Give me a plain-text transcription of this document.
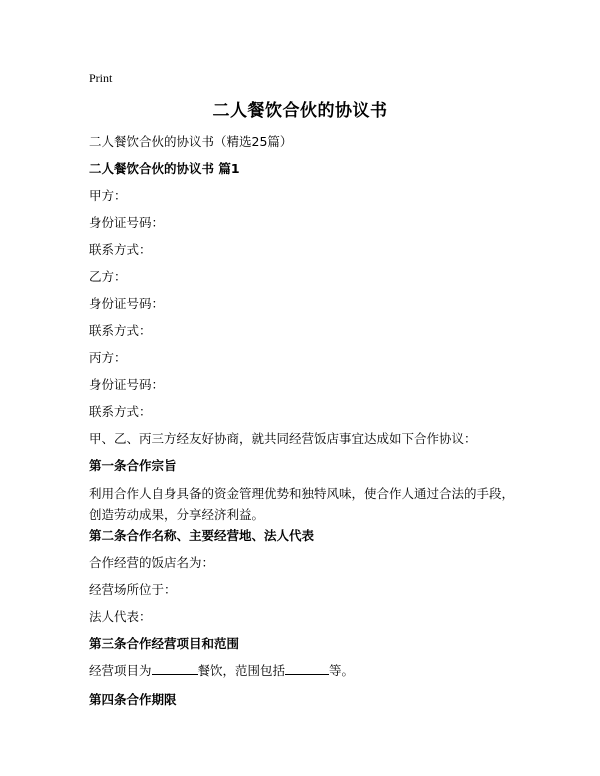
Print
二人餐饮合伙的协议书
二人餐饮合伙的协议书（精选25篇）
二人餐饮合伙的协议书 篇1
甲方：
身份证号码：
联系方式：
乙方：
身份证号码：
联系方式：
丙方：
身份证号码：
联系方式：
甲、乙、丙三方经友好协商，就共同经营饭店事宜达成如下合作协议：
第一条合作宗旨
利用合作人自身具备的资金管理优势和独特风味，使合作人通过合法的手段，创造劳动成果，分享经济利益。
第二条合作名称、主要经营地、法人代表
合作经营的饭店名为：
经营场所位于：
法人代表：
第三条合作经营项目和范围
经营项目为	餐饮，范围包括	等。
第四条合作期限
